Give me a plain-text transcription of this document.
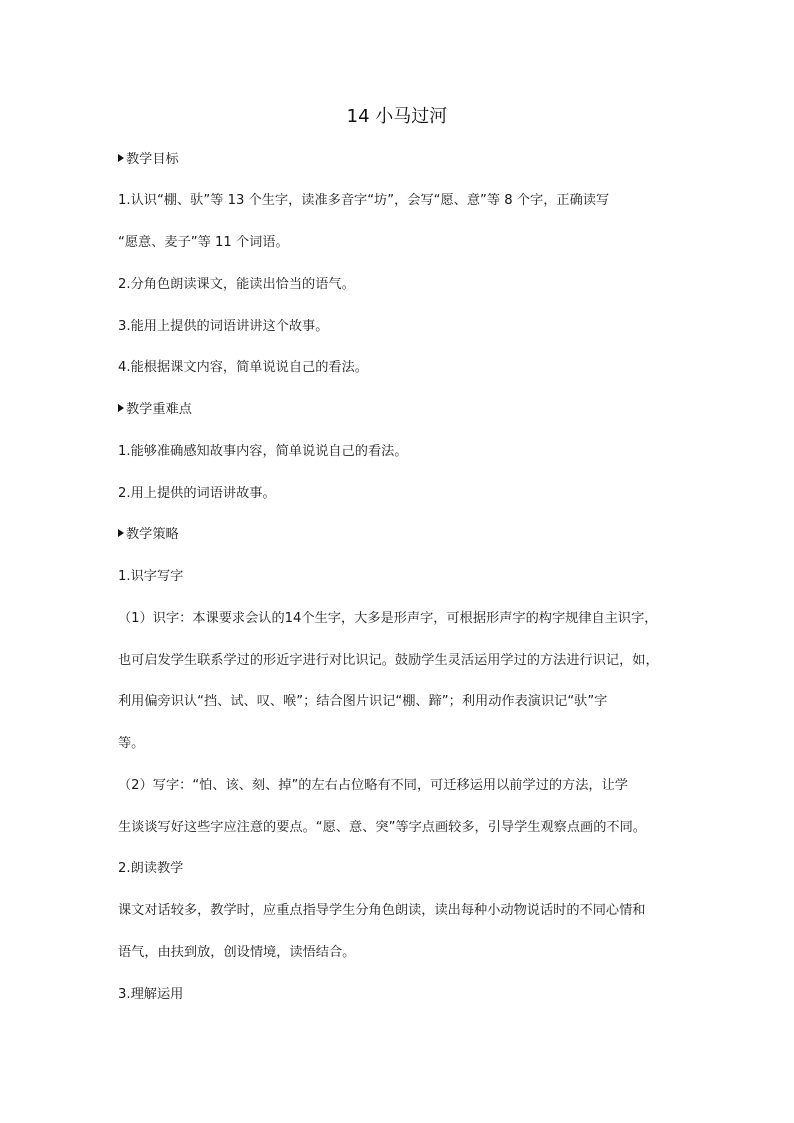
14 小马过河
教学目标
1.认识“棚、驮”等 13 个生字，读准多音字“坊”，会写“愿、意”等 8 个字，正确读写
“愿意、麦子”等 11 个词语。
2.分角色朗读课文，能读出恰当的语气。
3.能用上提供的词语讲讲这个故事。
4.能根据课文内容，简单说说自己的看法。
教学重难点
1.能够准确感知故事内容，简单说说自己的看法。
2.用上提供的词语讲故事。
教学策略
1.识字写字
（1）识字：本课要求会认的14个生字，大多是形声字，可根据形声字的构字规律自主识字，
也可启发学生联系学过的形近字进行对比识记。鼓励学生灵活运用学过的方法进行识记，如，
利用偏旁识认“挡、试、叹、喉”；结合图片识记“棚、蹄”；利用动作表演识记“驮”字
等。
（2）写字：“怕、该、刻、掉”的左右占位略有不同，可迁移运用以前学过的方法，让学
生谈谈写好这些字应注意的要点。“愿、意、突”等字点画较多，引导学生观察点画的不同。
2.朗读教学
课文对话较多，教学时，应重点指导学生分角色朗读，读出每种小动物说话时的不同心情和
语气，由扶到放，创设情境，读悟结合。
3.理解运用
